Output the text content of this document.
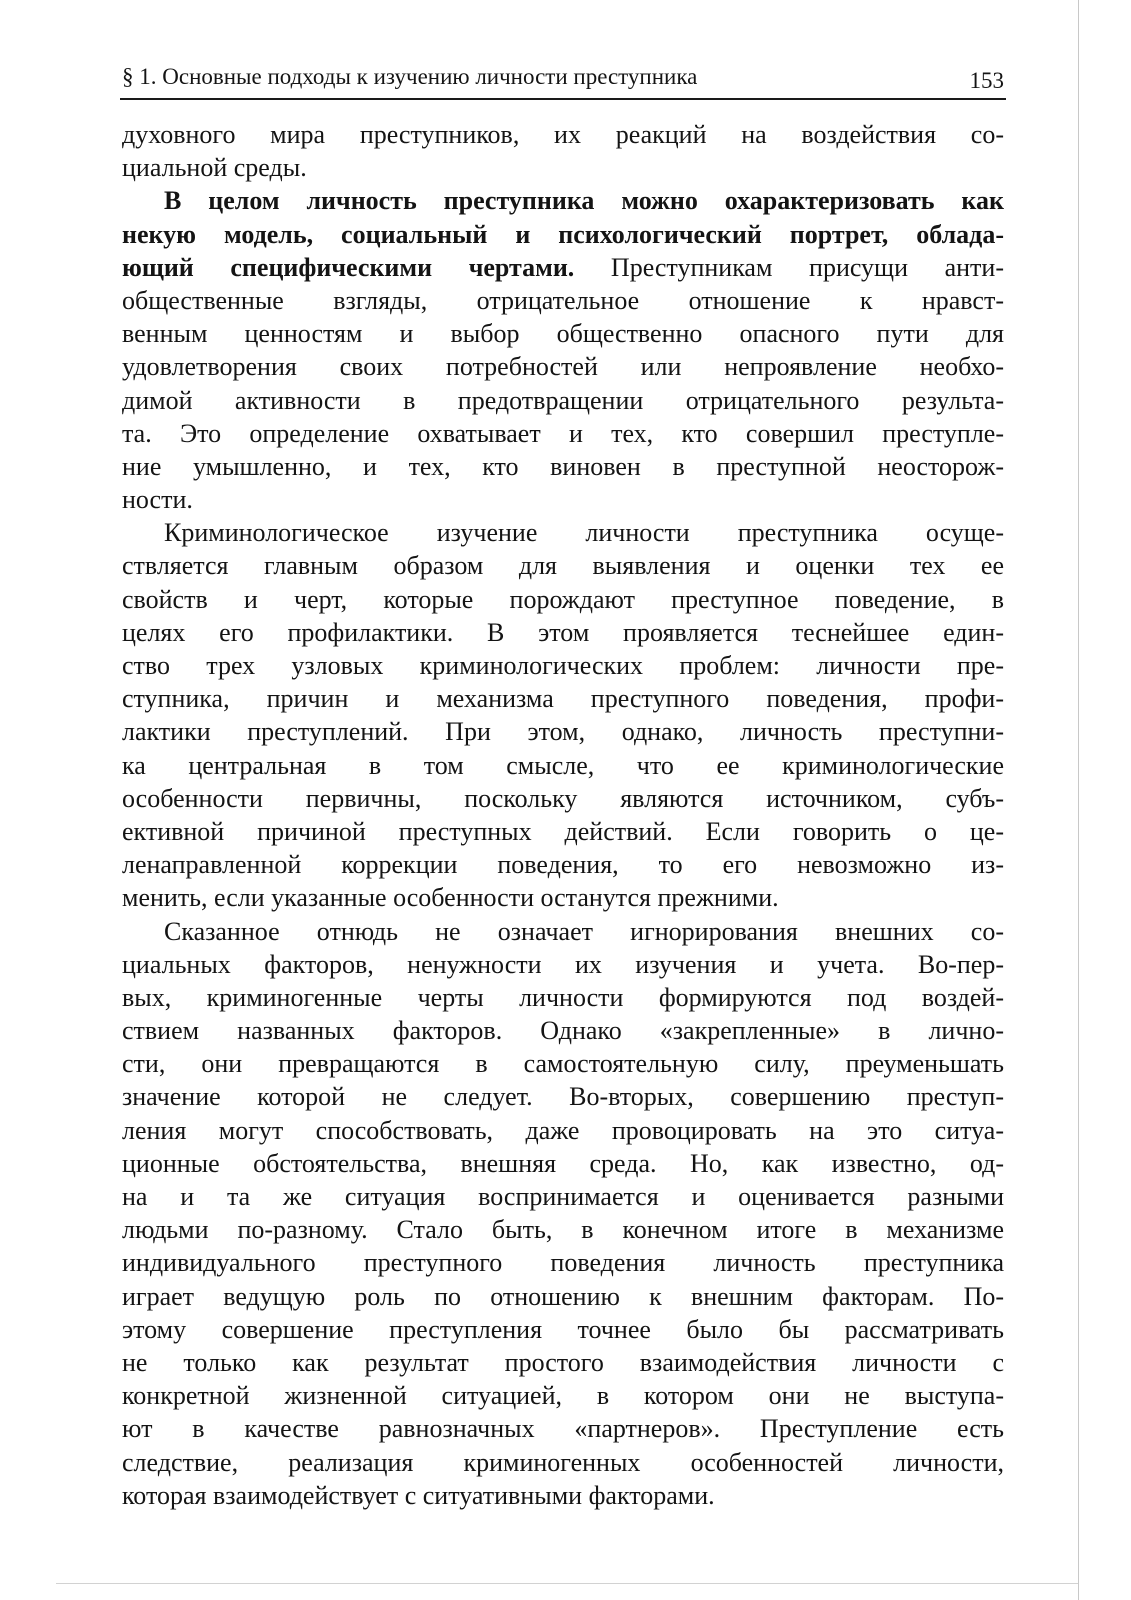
§ 1. Основные подходы к изучению личности преступника	153

духовного мира преступников, их реакций на воздействия со-
циальной среды.

В целом личность преступника можно охарактеризовать как
некую модель, социальный и психологический портрет, облада-
ющий специфическими чертами. Преступникам присущи анти-
общественные взгляды, отрицательное отношение к нравст-
венным ценностям и выбор общественно опасного пути для
удовлетворения своих потребностей или непроявление необхо-
димой активности в предотвращении отрицательного результа-
та. Это определение охватывает и тех, кто совершил преступле-
ние умышленно, и тех, кто виновен в преступной неосторож-
ности.

Криминологическое изучение личности преступника осуще-
ствляется главным образом для выявления и оценки тех ее
свойств и черт, которые порождают преступное поведение, в
целях его профилактики. В этом проявляется теснейшее един-
ство трех узловых криминологических проблем: личности пре-
ступника, причин и механизма преступного поведения, профи-
лактики преступлений. При этом, однако, личность преступни-
ка центральная в том смысле, что ее криминологические
особенности первичны, поскольку являются источником, субъ-
ективной причиной преступных действий. Если говорить о це-
ленаправленной коррекции поведения, то его невозможно из-
менить, если указанные особенности останутся прежними.

Сказанное отнюдь не означает игнорирования внешних со-
циальных факторов, ненужности их изучения и учета. Во-пер-
вых, криминогенные черты личности формируются под воздей-
ствием названных факторов. Однако «закрепленные» в лично-
сти, они превращаются в самостоятельную силу, преуменьшать
значение которой не следует. Во-вторых, совершению преступ-
ления могут способствовать, даже провоцировать на это ситуа-
ционные обстоятельства, внешняя среда. Но, как известно, од-
на и та же ситуация воспринимается и оценивается разными
людьми по-разному. Стало быть, в конечном итоге в механизме
индивидуального преступного поведения личность преступника
играет ведущую роль по отношению к внешним факторам. По-
этому совершение преступления точнее было бы рассматривать
не только как результат простого взаимодействия личности с
конкретной жизненной ситуацией, в котором они не выступа-
ют в качестве равнозначных «партнеров». Преступление есть
следствие, реализация криминогенных особенностей личности,
которая взаимодействует с ситуативными факторами.
